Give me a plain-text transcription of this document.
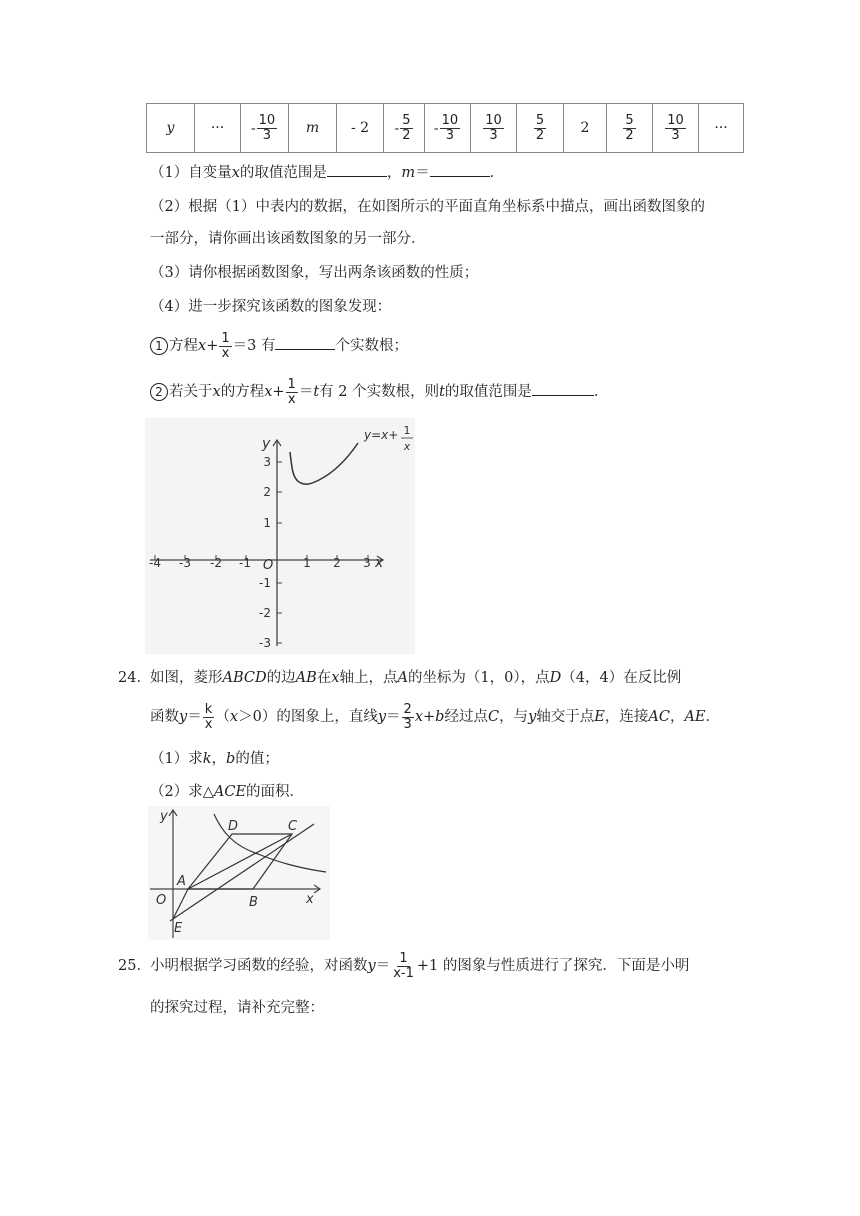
y	···	- $\frac{10}{3}$	m	- 2	- $\frac{5}{2}$	- $\frac{10}{3}$	$\frac{10}{3}$	$\frac{5}{2}$	2	$\frac{5}{2}$	$\frac{10}{3}$	···
（1）自变量x的取值范围是	，m＝	．
（2）根据（1）中表内的数据，在如图所示的平面直角坐标系中描点，画出函数图象的
一部分，请你画出该函数图象的另一部分．
（3）请你根据函数图象，写出两条该函数的性质；
（4）进一步探究该函数的图象发现：
1 方程$x+ \frac{1}{x} =3$ 有	个实数根；
2 若关于x的方程$x+ \frac{1}{x} =t$有 2 个实数根，则t的取值范围是	．
-4 -3 -2 -1	1 2 3
3
2
1
-1
-2
-3
y
x
O
y=x+ 1
x
24． 如图，菱形ABCD的边AB在x轴上，点A的坐标为（1，0），点D（4，4）在反比例
函数$y= \frac{k}{x} (x>0)$的图象上，直线$y= \frac{2}{3} x+b$经过点C，与y轴交于点E，连接AC，AE．
（1）求k，b的值；
（2）求△ACE的面积．
y
x
O
A
B
C
D
E
25． 小明根据学习函数的经验，对函数$y= \frac{1}{x-1} +1$ 的图象与性质进行了探究．下面是小明
的探究过程，请补充完整：
